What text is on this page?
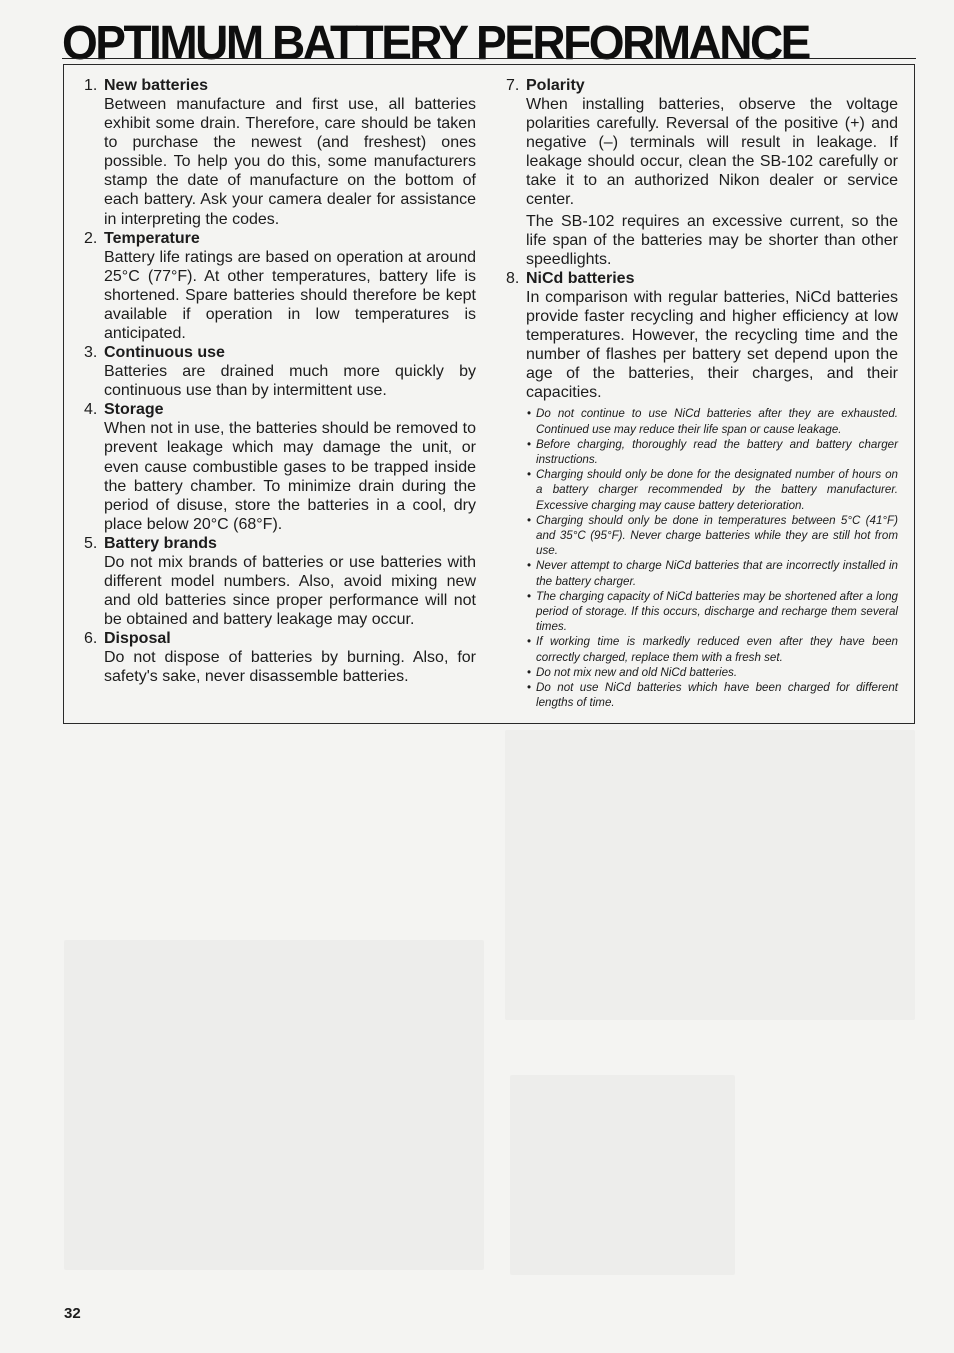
OPTIMUM BATTERY PERFORMANCE
1. New batteries

Between manufacture and first use, all batteries exhibit some drain. Therefore, care should be taken to purchase the newest (and freshest) ones possible. To help you do this, some manufacturers stamp the date of manufacture on the bottom of each battery. Ask your camera dealer for assistance in interpreting the codes.

2. Temperature

Battery life ratings are based on operation at around 25°C (77°F). At other temperatures, battery life is shortened. Spare batteries should therefore be kept available if operation in low temperatures is anticipated.

3. Continuous use

Batteries are drained much more quickly by continuous use than by intermittent use.

4. Storage

When not in use, the batteries should be removed to prevent leakage which may damage the unit, or even cause combustible gases to be trapped inside the battery chamber. To minimize drain during the period of disuse, store the batteries in a cool, dry place below 20°C (68°F).

5. Battery brands

Do not mix brands of batteries or use batteries with different model numbers. Also, avoid mixing new and old batteries since proper performance will not be obtained and battery leakage may occur.

6. Disposal

Do not dispose of batteries by burning. Also, for safety's sake, never disassemble batteries.

7. Polarity

When installing batteries, observe the voltage polarities carefully. Reversal of the positive (+) and negative (–) terminals will result in leakage. If leakage should occur, clean the SB-102 carefully or take it to an authorized Nikon dealer or service center.

The SB-102 requires an excessive current, so the life span of the batteries may be shorter than other speedlights.

8. NiCd batteries

In comparison with regular batteries, NiCd batteries provide faster recycling and higher efficiency at low temperatures. However, the recycling time and the number of flashes per battery set depend upon the age of the batteries, their charges, and their capacities.

• Do not continue to use NiCd batteries after they are exhausted. Continued use may reduce their life span or cause leakage.
• Before charging, thoroughly read the battery and battery charger instructions.
• Charging should only be done for the designated number of hours on a battery charger recommended by the battery manufacturer. Excessive charging may cause battery deterioration.
• Charging should only be done in temperatures between 5°C (41°F) and 35°C (95°F). Never charge batteries while they are still hot from use.
• Never attempt to charge NiCd batteries that are incorrectly installed in the battery charger.
• The charging capacity of NiCd batteries may be shortened after a long period of storage. If this occurs, discharge and recharge them several times.
• If working time is markedly reduced even after they have been correctly charged, replace them with a fresh set.
• Do not mix new and old NiCd batteries.
• Do not use NiCd batteries which have been charged for different lengths of time.
32
